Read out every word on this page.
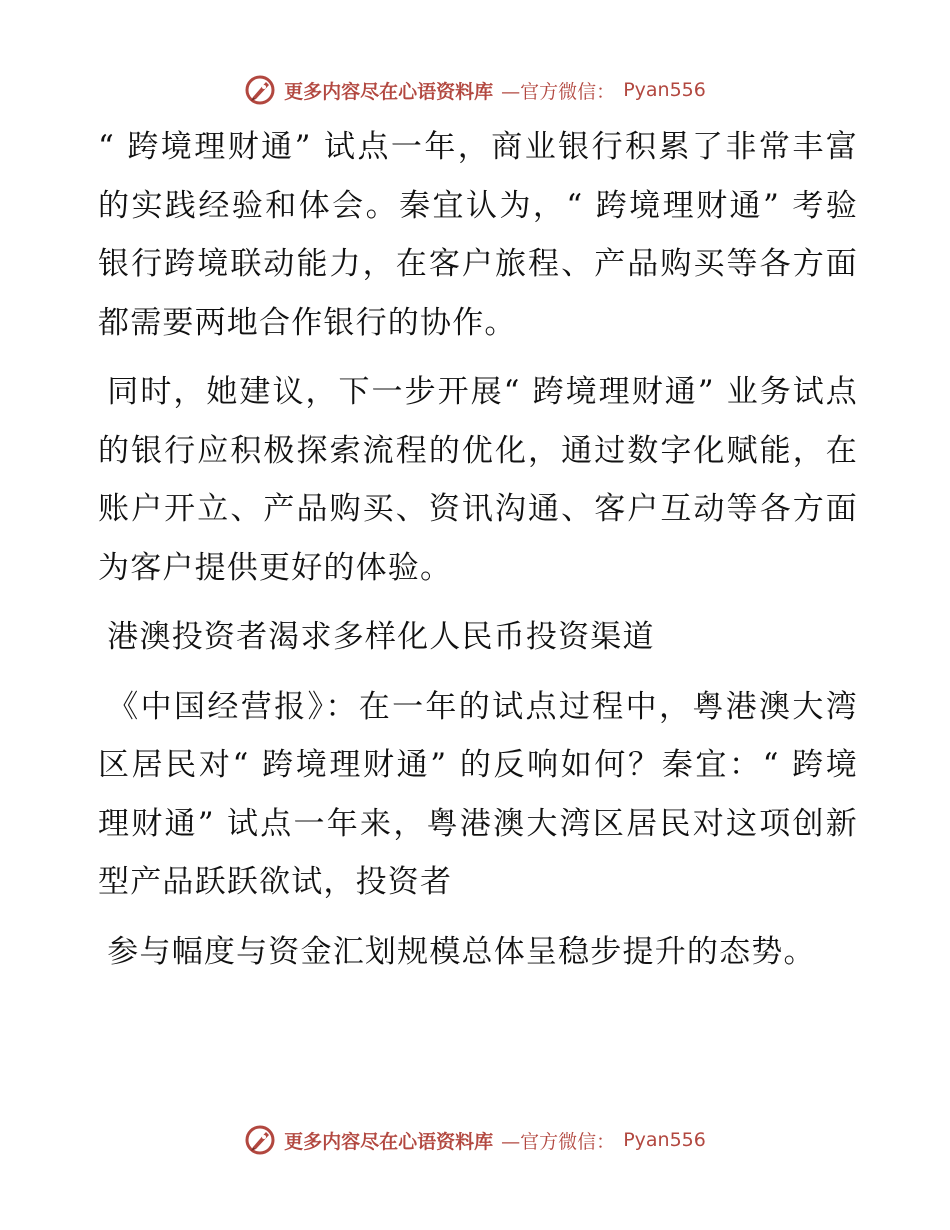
更多内容尽在心语资料库 —官方微信： Pyan556

“ 跨境理财通” 试点一年，商业银行积累了非常丰富的实践经验和体会。秦宜认为，“ 跨境理财通” 考验银行跨境联动能力，在客户旅程、产品购买等各方面都需要两地合作银行的协作。

同时，她建议，下一步开展“ 跨境理财通” 业务试点的银行应积极探索流程的优化，通过数字化赋能，在账户开立、产品购买、资讯沟通、客户互动等各方面为客户提供更好的体验。

港澳投资者渴求多样化人民币投资渠道

《中国经营报》：在一年的试点过程中，粤港澳大湾区居民对“ 跨境理财通” 的反响如何？秦宜：“ 跨境理财通” 试点一年来，粤港澳大湾区居民对这项创新型产品跃跃欲试，投资者

参与幅度与资金汇划规模总体呈稳步提升的态势。

更多内容尽在心语资料库 —官方微信： Pyan556
